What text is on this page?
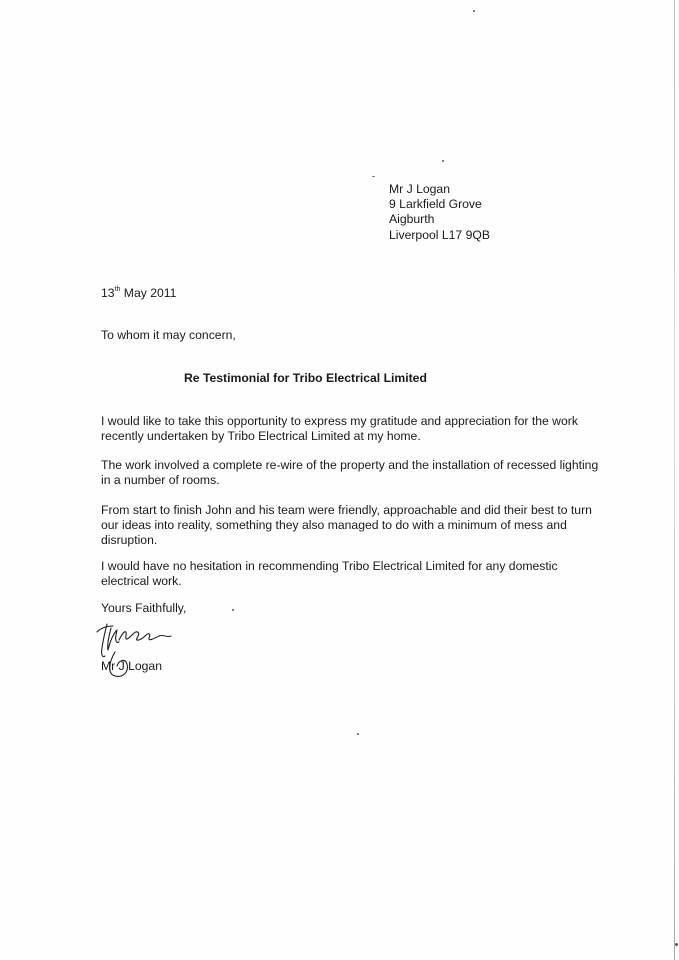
Mr J Logan
9 Larkfield Grove
Aigburth
Liverpool L17 9QB
13th May 2011
To whom it may concern,
Re Testimonial for Tribo Electrical Limited
I would like to take this opportunity to express my gratitude and appreciation for the work recently undertaken by Tribo Electrical Limited at my home.
The work involved a complete re-wire of the property and the installation of recessed lighting in a number of rooms.
From start to finish John and his team were friendly, approachable and did their best to turn our ideas into reality, something they also managed to do with a minimum of mess and disruption.
I would have no hesitation in recommending Tribo Electrical Limited for any domestic electrical work.
Yours Faithfully,
Mr J Logan
